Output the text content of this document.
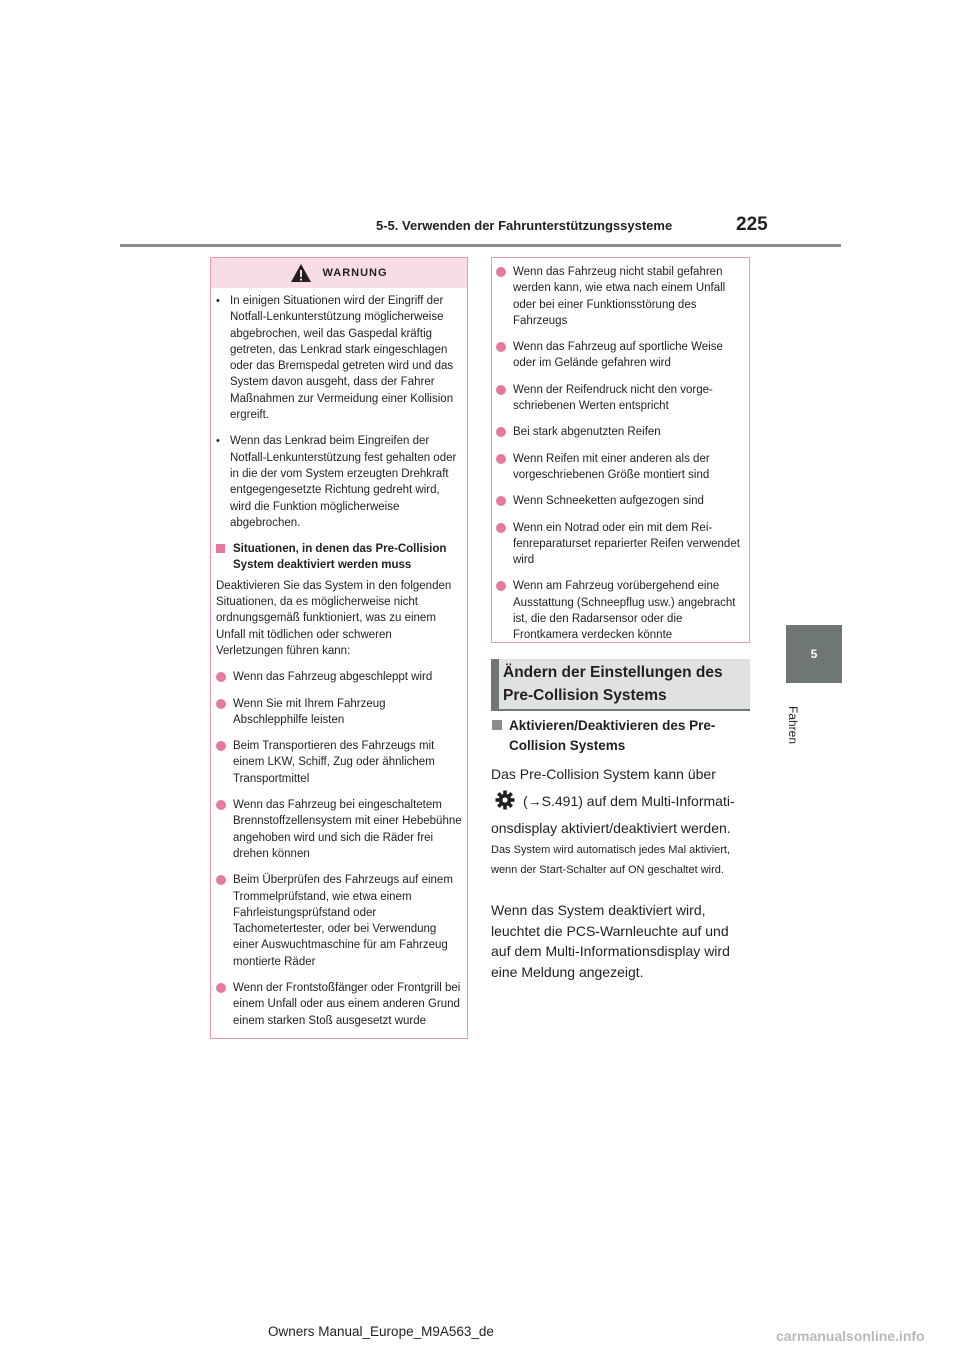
5-5. Verwenden der Fahrunterstützungssysteme	225
5
Fahren
WARNUNG
• In einigen Situationen wird der Eingriff der Notfall-Lenkunterstützung möglicherweise abgebrochen, weil das Gaspedal kräftig getreten, das Lenkrad stark eingeschlagen oder das Bremspedal getreten wird und das System davon ausgeht, dass der Fahrer Maßnahmen zur Vermeidung einer Kollision ergreift.
• Wenn das Lenkrad beim Eingreifen der Notfall-Lenkunterstützung fest gehalten oder in die der vom System erzeugten Drehkraft entgegengesetzte Richtung gedreht wird, wird die Funktion möglicherweise abgebrochen.
Situationen, in denen das Pre-Collision System deaktiviert werden muss
Deaktivieren Sie das System in den folgenden Situationen, da es möglicherweise nicht ordnungsgemäß funktioniert, was zu einem Unfall mit tödlichen oder schweren Verletzungen führen kann:
Wenn das Fahrzeug abgeschleppt wird
Wenn Sie mit Ihrem Fahrzeug Abschlepphilfe leisten
Beim Transportieren des Fahrzeugs mit einem LKW, Schiff, Zug oder ähnlichem Transportmittel
Wenn das Fahrzeug bei eingeschaltetem Brennstoffzellensystem mit einer Hebebühne angehoben wird und sich die Räder frei drehen können
Beim Überprüfen des Fahrzeugs auf einem Trommelprüfstand, wie etwa einem Fahrleistungsprüfstand oder Tachometertester, oder bei Verwendung einer Auswuchtmaschine für am Fahrzeug montierte Räder
Wenn der Frontstoßfänger oder Frontgrill bei einem Unfall oder aus einem anderen Grund einem starken Stoß ausgesetzt wurde
Wenn das Fahrzeug nicht stabil gefahren werden kann, wie etwa nach einem Unfall oder bei einer Funktionsstörung des Fahrzeugs
Wenn das Fahrzeug auf sportliche Weise oder im Gelände gefahren wird
Wenn der Reifendruck nicht den vorgeschriebenen Werten entspricht
Bei stark abgenutzten Reifen
Wenn Reifen mit einer anderen als der vorgeschriebenen Größe montiert sind
Wenn Schneeketten aufgezogen sind
Wenn ein Notrad oder ein mit dem Reifenreparaturset reparierter Reifen verwendet wird
Wenn am Fahrzeug vorübergehend eine Ausstattung (Schneepflug usw.) angebracht ist, die den Radarsensor oder die Frontkamera verdecken könnte
Ändern der Einstellungen des Pre-Collision Systems
Aktivieren/Deaktivieren des Pre-Collision Systems
Das Pre-Collision System kann über
(→S.491) auf dem Multi-Informati-
onsdisplay aktiviert/deaktiviert werden.
Das System wird automatisch jedes Mal aktiviert, wenn der Start-Schalter auf ON geschaltet wird.
Wenn das System deaktiviert wird, leuchtet die PCS-Warnleuchte auf und auf dem Multi-Informationsdisplay wird eine Meldung angezeigt.
Owners Manual_Europe_M9A563_de	carmanualsonline.info
